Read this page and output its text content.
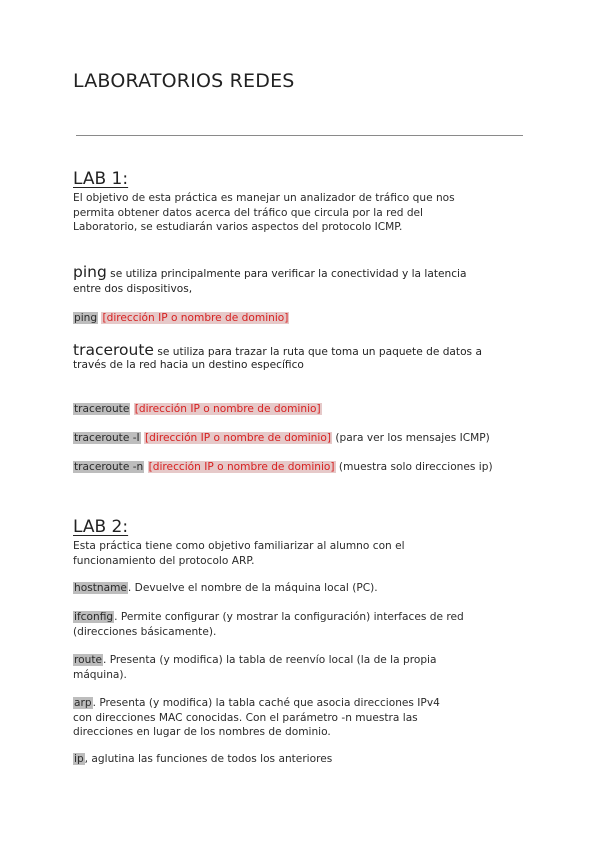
LABORATORIOS REDES
LAB 1:
El objetivo de esta práctica es manejar un analizador de tráfico que nos
permita obtener datos acerca del tráfico que circula por la red del
Laboratorio, se estudiarán varios aspectos del protocolo ICMP.
ping se utiliza principalmente para verificar la conectividad y la latencia
entre dos dispositivos,
ping [dirección IP o nombre de dominio]
traceroute se utiliza para trazar la ruta que toma un paquete de datos a
través de la red hacia un destino específico
traceroute [dirección IP o nombre de dominio]
traceroute -I [dirección IP o nombre de dominio] (para ver los mensajes ICMP)
traceroute -n [dirección IP o nombre de dominio] (muestra solo direcciones ip)
LAB 2:
Esta práctica tiene como objetivo familiarizar al alumno con el
funcionamiento del protocolo ARP.
hostname. Devuelve el nombre de la máquina local (PC).
ifconfig. Permite configurar (y mostrar la configuración) interfaces de red
(direcciones básicamente).
route. Presenta (y modifica) la tabla de reenvío local (la de la propia
máquina).
arp. Presenta (y modifica) la tabla caché que asocia direcciones IPv4
con direcciones MAC conocidas. Con el parámetro -n muestra las
direcciones en lugar de los nombres de dominio.
ip, aglutina las funciones de todos los anteriores
